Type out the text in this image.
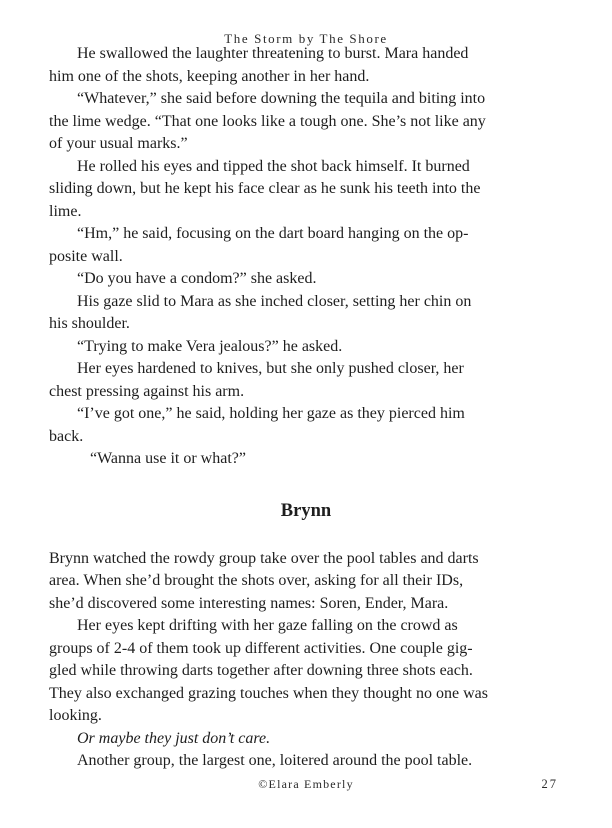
The Storm by The Shore
He swallowed the laughter threatening to burst. Mara handed
him one of the shots, keeping another in her hand.
“Whatever,” she said before downing the tequila and biting into
the lime wedge. “That one looks like a tough one. She’s not like any
of your usual marks.”
He rolled his eyes and tipped the shot back himself. It burned
sliding down, but he kept his face clear as he sunk his teeth into the
lime.
“Hm,” he said, focusing on the dart board hanging on the op-
posite wall.
“Do you have a condom?” she asked.
His gaze slid to Mara as she inched closer, setting her chin on
his shoulder.
“Trying to make Vera jealous?” he asked.
Her eyes hardened to knives, but she only pushed closer, her
chest pressing against his arm.
“I’ve got one,” he said, holding her gaze as they pierced him
back.
“Wanna use it or what?”
Brynn
Brynn watched the rowdy group take over the pool tables and darts
area. When she’d brought the shots over, asking for all their IDs,
she’d discovered some interesting names: Soren, Ender, Mara.
Her eyes kept drifting with her gaze falling on the crowd as
groups of 2-4 of them took up different activities. One couple gig-
gled while throwing darts together after downing three shots each.
They also exchanged grazing touches when they thought no one was
looking.
Or maybe they just don’t care.
Another group, the largest one, loitered around the pool table.
©Elara Emberly	27
